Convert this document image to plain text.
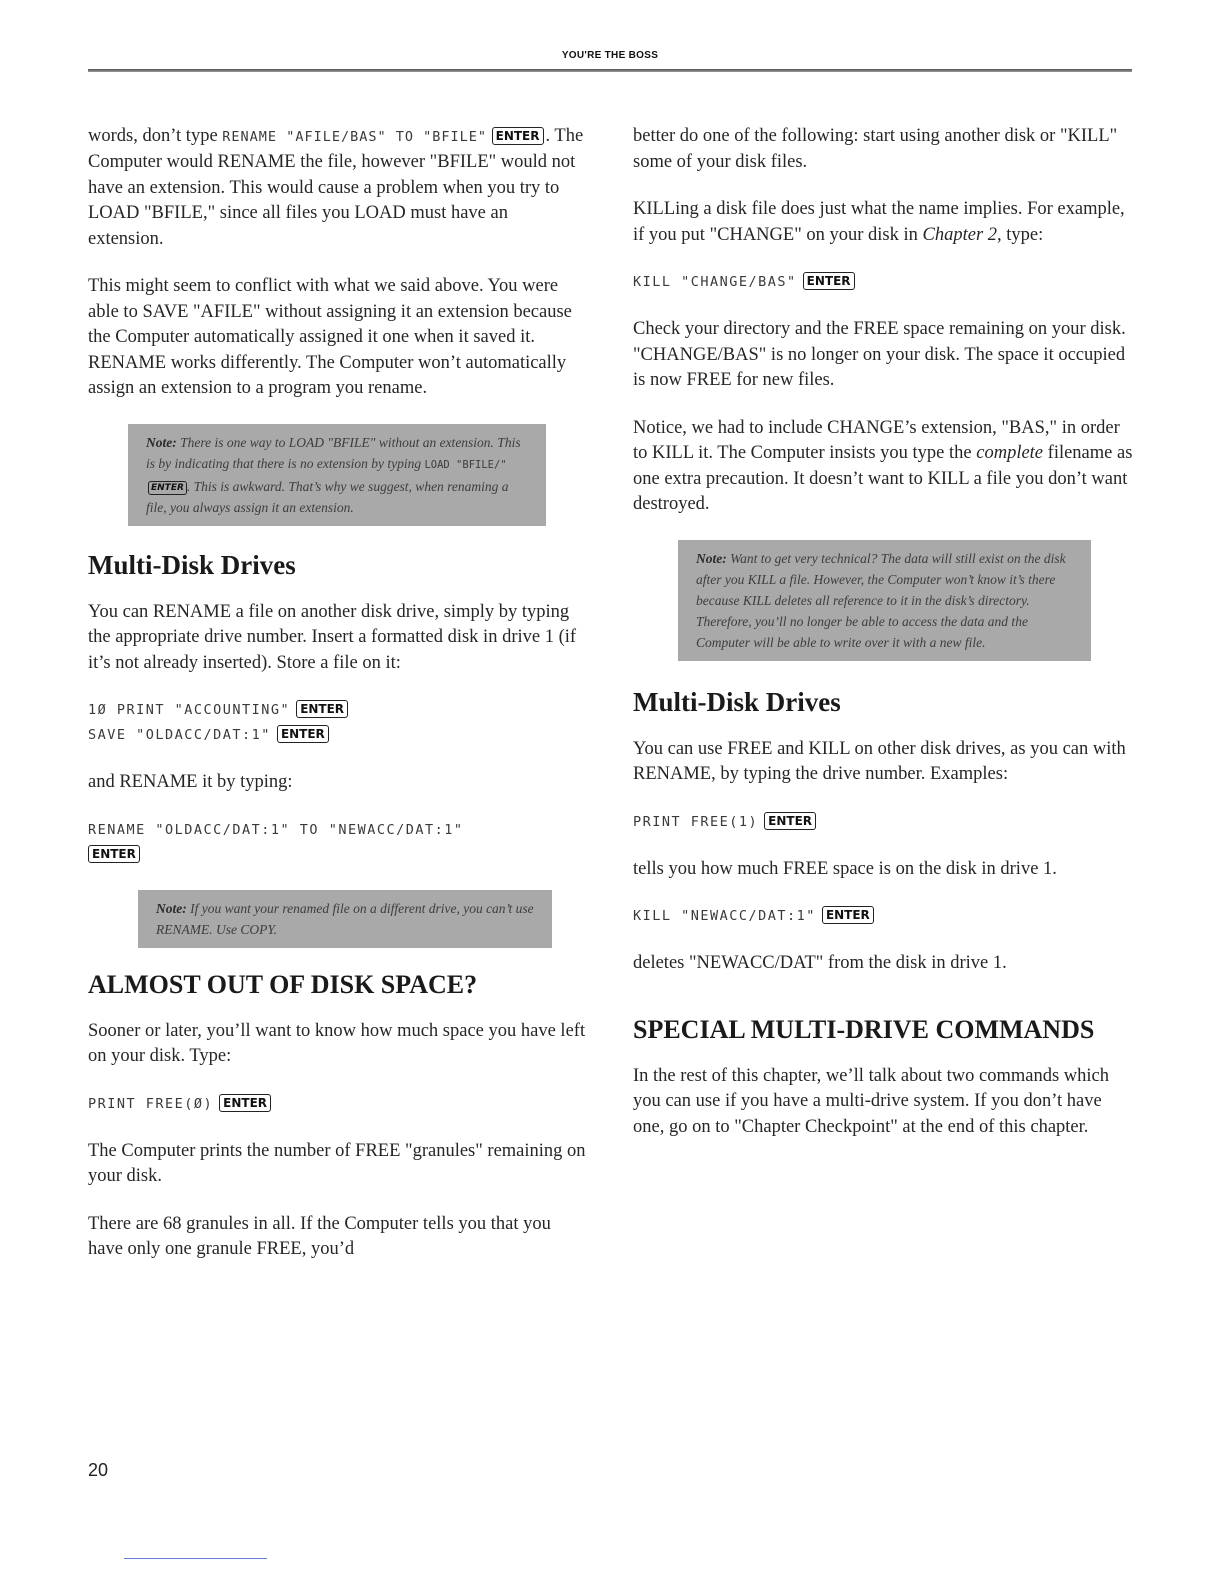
YOU'RE THE BOSS

words, don’t type RENAME "AFILE/BAS" TO "BFILE" ENTER . The Computer would RENAME the file, however "BFILE" would not have an extension. This would cause a problem when you try to LOAD "BFILE," since all files you LOAD must have an extension.

This might seem to conflict with what we said above. You were able to SAVE "AFILE" without assigning it an extension because the Computer automatically assigned it one when it saved it. RENAME works differently. The Computer won’t automatically assign an extension to a program you rename.

Note: There is one way to LOAD "BFILE" without an extension. This is by indicating that there is no extension by typing LOAD "BFILE/" ENTER . This is awkward. That’s why we suggest, when renaming a file, you always assign it an extension.
Multi-Disk Drives

You can RENAME a file on another disk drive, simply by typing the appropriate drive number. Insert a formatted disk in drive 1 (if it’s not already inserted). Store a file on it:

1Ø PRINT "ACCOUNTING" ENTER
SAVE "OLDACC/DAT:1" ENTER

and RENAME it by typing:

RENAME "OLDACC/DAT:1" TO "NEWACC/DAT:1"
ENTER
Note: If you want your renamed file on a different drive, you can’t use RENAME. Use COPY.
ALMOST OUT OF DISK SPACE?

Sooner or later, you’ll want to know how much space you have left on your disk. Type:

PRINT FREE(Ø) ENTER

The Computer prints the number of FREE "granules" remaining on your disk.

There are 68 granules in all. If the Computer tells you that you have only one granule FREE, you’d

better do one of the following: start using another disk or "KILL" some of your disk files.

KILLing a disk file does just what the name implies. For example, if you put "CHANGE" on your disk in Chapter 2, type:

KILL "CHANGE/BAS" ENTER

Check your directory and the FREE space remaining on your disk. "CHANGE/BAS" is no longer on your disk. The space it occupied is now FREE for new files.

Notice, we had to include CHANGE’s extension, "BAS," in order to KILL it. The Computer insists you type the complete filename as one extra precaution. It doesn’t want to KILL a file you don’t want destroyed.

Note: Want to get very technical? The data will still exist on the disk after you KILL a file. However, the Computer won’t know it’s there because KILL deletes all reference to it in the disk’s directory. Therefore, you’ll no longer be able to access the data and the Computer will be able to write over it with a new file.
Multi-Disk Drives

You can use FREE and KILL on other disk drives, as you can with RENAME, by typing the drive number. Examples:

PRINT FREE(1) ENTER

tells you how much FREE space is on the disk in drive 1.

KILL "NEWACC/DAT:1" ENTER

deletes "NEWACC/DAT" from the disk in drive 1.

SPECIAL MULTI-DRIVE COMMANDS

In the rest of this chapter, we’ll talk about two commands which you can use if you have a multi-drive system. If you don’t have one, go on to "Chapter Checkpoint" at the end of this chapter.

20
